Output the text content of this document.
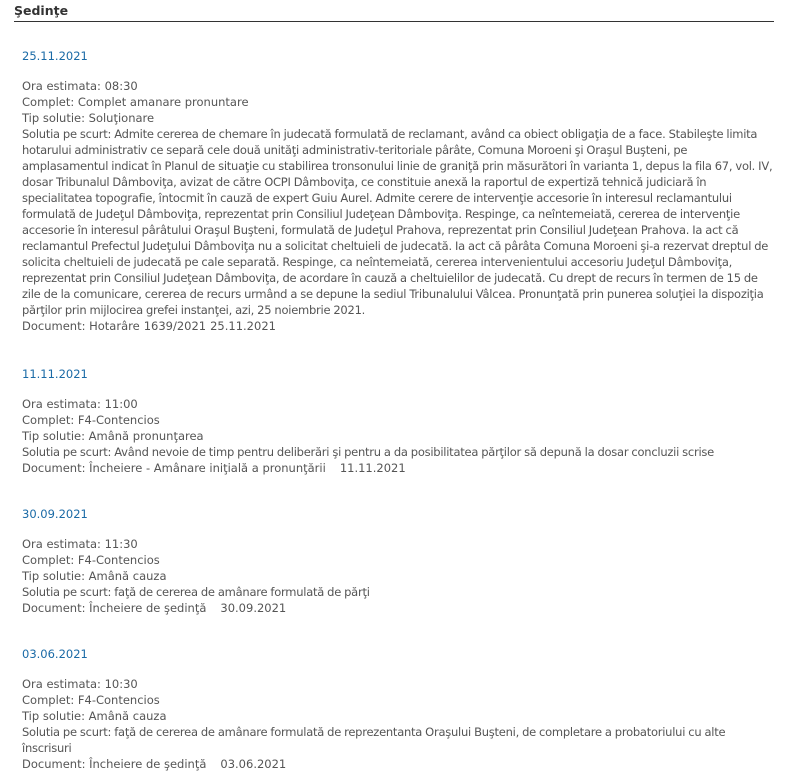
Şedinţe
25.11.2021
Ora estimata: 08:30
Complet: Complet amanare pronuntare
Tip solutie: Soluţionare
Solutia pe scurt: Admite cererea de chemare în judecată formulată de reclamant, având ca obiect obligaţia de a face. Stabileşte limita hotarului administrativ ce separă cele două unităţi administrativ-teritoriale pârâte, Comuna Moroeni şi Oraşul Buşteni, pe amplasamentul indicat în Planul de situaţie cu stabilirea tronsonului linie de graniţă prin măsurători în varianta 1, depus la fila 67, vol. IV, dosar Tribunalul Dâmboviţa, avizat de către OCPI Dâmboviţa, ce constituie anexă la raportul de expertiză tehnică judiciară în specialitatea topografie, întocmit în cauză de expert Guiu Aurel. Admite cerere de intervenţie accesorie în interesul reclamantului formulată de Judeţul Dâmboviţa, reprezentat prin Consiliul Judeţean Dâmboviţa. Respinge, ca neîntemeiată, cererea de intervenţie accesorie în interesul pârâtului Oraşul Buşteni, formulată de Judeţul Prahova, reprezentat prin Consiliul Judeţean Prahova. Ia act că reclamantul Prefectul Judeţului Dâmboviţa nu a solicitat cheltuieli de judecată. Ia act că pârâta Comuna Moroeni şi-a rezervat dreptul de solicita cheltuieli de judecată pe cale separată. Respinge, ca neîntemeiată, cererea intervenientului accesoriu Judeţul Dâmboviţa, reprezentat prin Consiliul Judeţean Dâmboviţa, de acordare în cauză a cheltuielilor de judecată. Cu drept de recurs în termen de 15 de zile de la comunicare, cererea de recurs urmând a se depune la sediul Tribunalului Vâlcea. Pronunţată prin punerea soluţiei la dispoziţia părţilor prin mijlocirea grefei instanţei, azi, 25 noiembrie 2021.
Document: Hotarâre 1639/2021 25.11.2021
11.11.2021
Ora estimata: 11:00
Complet: F4-Contencios
Tip solutie: Amână pronunţarea
Solutia pe scurt: Având nevoie de timp pentru deliberări şi pentru a da posibilitatea părţilor să depună la dosar concluzii scrise
Document: Încheiere - Amânare iniţială a pronunţării 11.11.2021
30.09.2021
Ora estimata: 11:30
Complet: F4-Contencios
Tip solutie: Amână cauza
Solutia pe scurt: faţă de cererea de amânare formulată de părţi
Document: Încheiere de şedinţă 30.09.2021
03.06.2021
Ora estimata: 10:30
Complet: F4-Contencios
Tip solutie: Amână cauza
Solutia pe scurt: faţă de cererea de amânare formulată de reprezentanta Oraşului Buşteni, de completare a probatoriului cu alte înscrisuri
Document: Încheiere de şedinţă 03.06.2021
